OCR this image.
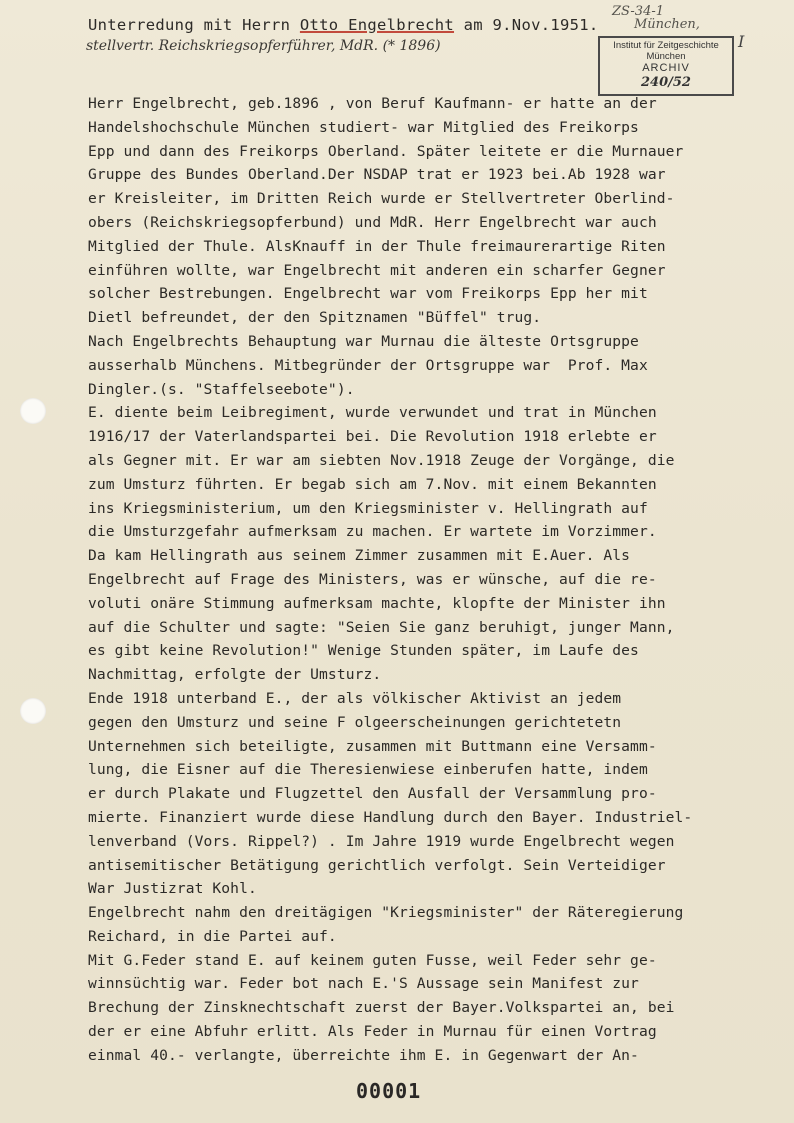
Unterredung mit Herrn Otto Engelbrecht am 9.Nov.1951.
stellvertr. Reichskriegsopferführer, MdR. (* 1896)
ZS-34-1
München,
Institut für Zeitgeschichte
München
ARCHIV
240/52
I
Herr Engelbrecht, geb.1896 , von Beruf Kaufmann- er hatte an der
Handelshochschule München studiert- war Mitglied des Freikorps
Epp und dann des Freikorps Oberland. Später leitete er die Murnauer
Gruppe des Bundes Oberland.Der NSDAP trat er 1923 bei.Ab 1928 war
er Kreisleiter, im Dritten Reich wurde er Stellvertreter Oberlind-
obers (Reichskriegsopferbund) und MdR. Herr Engelbrecht war auch
Mitglied der Thule. AlsKnauff in der Thule freimaurerartige Riten
einführen wollte, war Engelbrecht mit anderen ein scharfer Gegner
solcher Bestrebungen. Engelbrecht war vom Freikorps Epp her mit
Dietl befreundet, der den Spitznamen "Büffel" trug.
Nach Engelbrechts Behauptung war Murnau die älteste Ortsgruppe
ausserhalb Münchens. Mitbegründer der Ortsgruppe war  Prof. Max
Dingler.(s. "Staffelseebote").
E. diente beim Leibregiment, wurde verwundet und trat in München
1916/17 der Vaterlandspartei bei. Die Revolution 1918 erlebte er
als Gegner mit. Er war am siebten Nov.1918 Zeuge der Vorgänge, die
zum Umsturz führten. Er begab sich am 7.Nov. mit einem Bekannten
ins Kriegsministerium, um den Kriegsminister v. Hellingrath auf
die Umsturzgefahr aufmerksam zu machen. Er wartete im Vorzimmer.
Da kam Hellingrath aus seinem Zimmer zusammen mit E.Auer. Als
Engelbrecht auf Frage des Ministers, was er wünsche, auf die re-
voluti onäre Stimmung aufmerksam machte, klopfte der Minister ihn
auf die Schulter und sagte: "Seien Sie ganz beruhigt, junger Mann,
es gibt keine Revolution!" Wenige Stunden später, im Laufe des
Nachmittag, erfolgte der Umsturz.
Ende 1918 unterband E., der als völkischer Aktivist an jedem
gegen den Umsturz und seine F olgeerscheinungen gerichtetetn
Unternehmen sich beteiligte, zusammen mit Buttmann eine Versamm-
lung, die Eisner auf die Theresienwiese einberufen hatte, indem
er durch Plakate und Flugzettel den Ausfall der Versammlung pro-
mierte. Finanziert wurde diese Handlung durch den Bayer. Industriel-
lenverband (Vors. Rippel?) . Im Jahre 1919 wurde Engelbrecht wegen
antisemitischer Betätigung gerichtlich verfolgt. Sein Verteidiger
War Justizrat Kohl.
Engelbrecht nahm den dreitägigen "Kriegsminister" der Räteregierung
Reichard, in die Partei auf.
Mit G.Feder stand E. auf keinem guten Fusse, weil Feder sehr ge-
winnsüchtig war. Feder bot nach E.'S Aussage sein Manifest zur
Brechung der Zinsknechtschaft zuerst der Bayer.Volkspartei an, bei
der er eine Abfuhr erlitt. Als Feder in Murnau für einen Vortrag
einmal 40.- verlangte, überreichte ihm E. in Gegenwart der An-
00001
